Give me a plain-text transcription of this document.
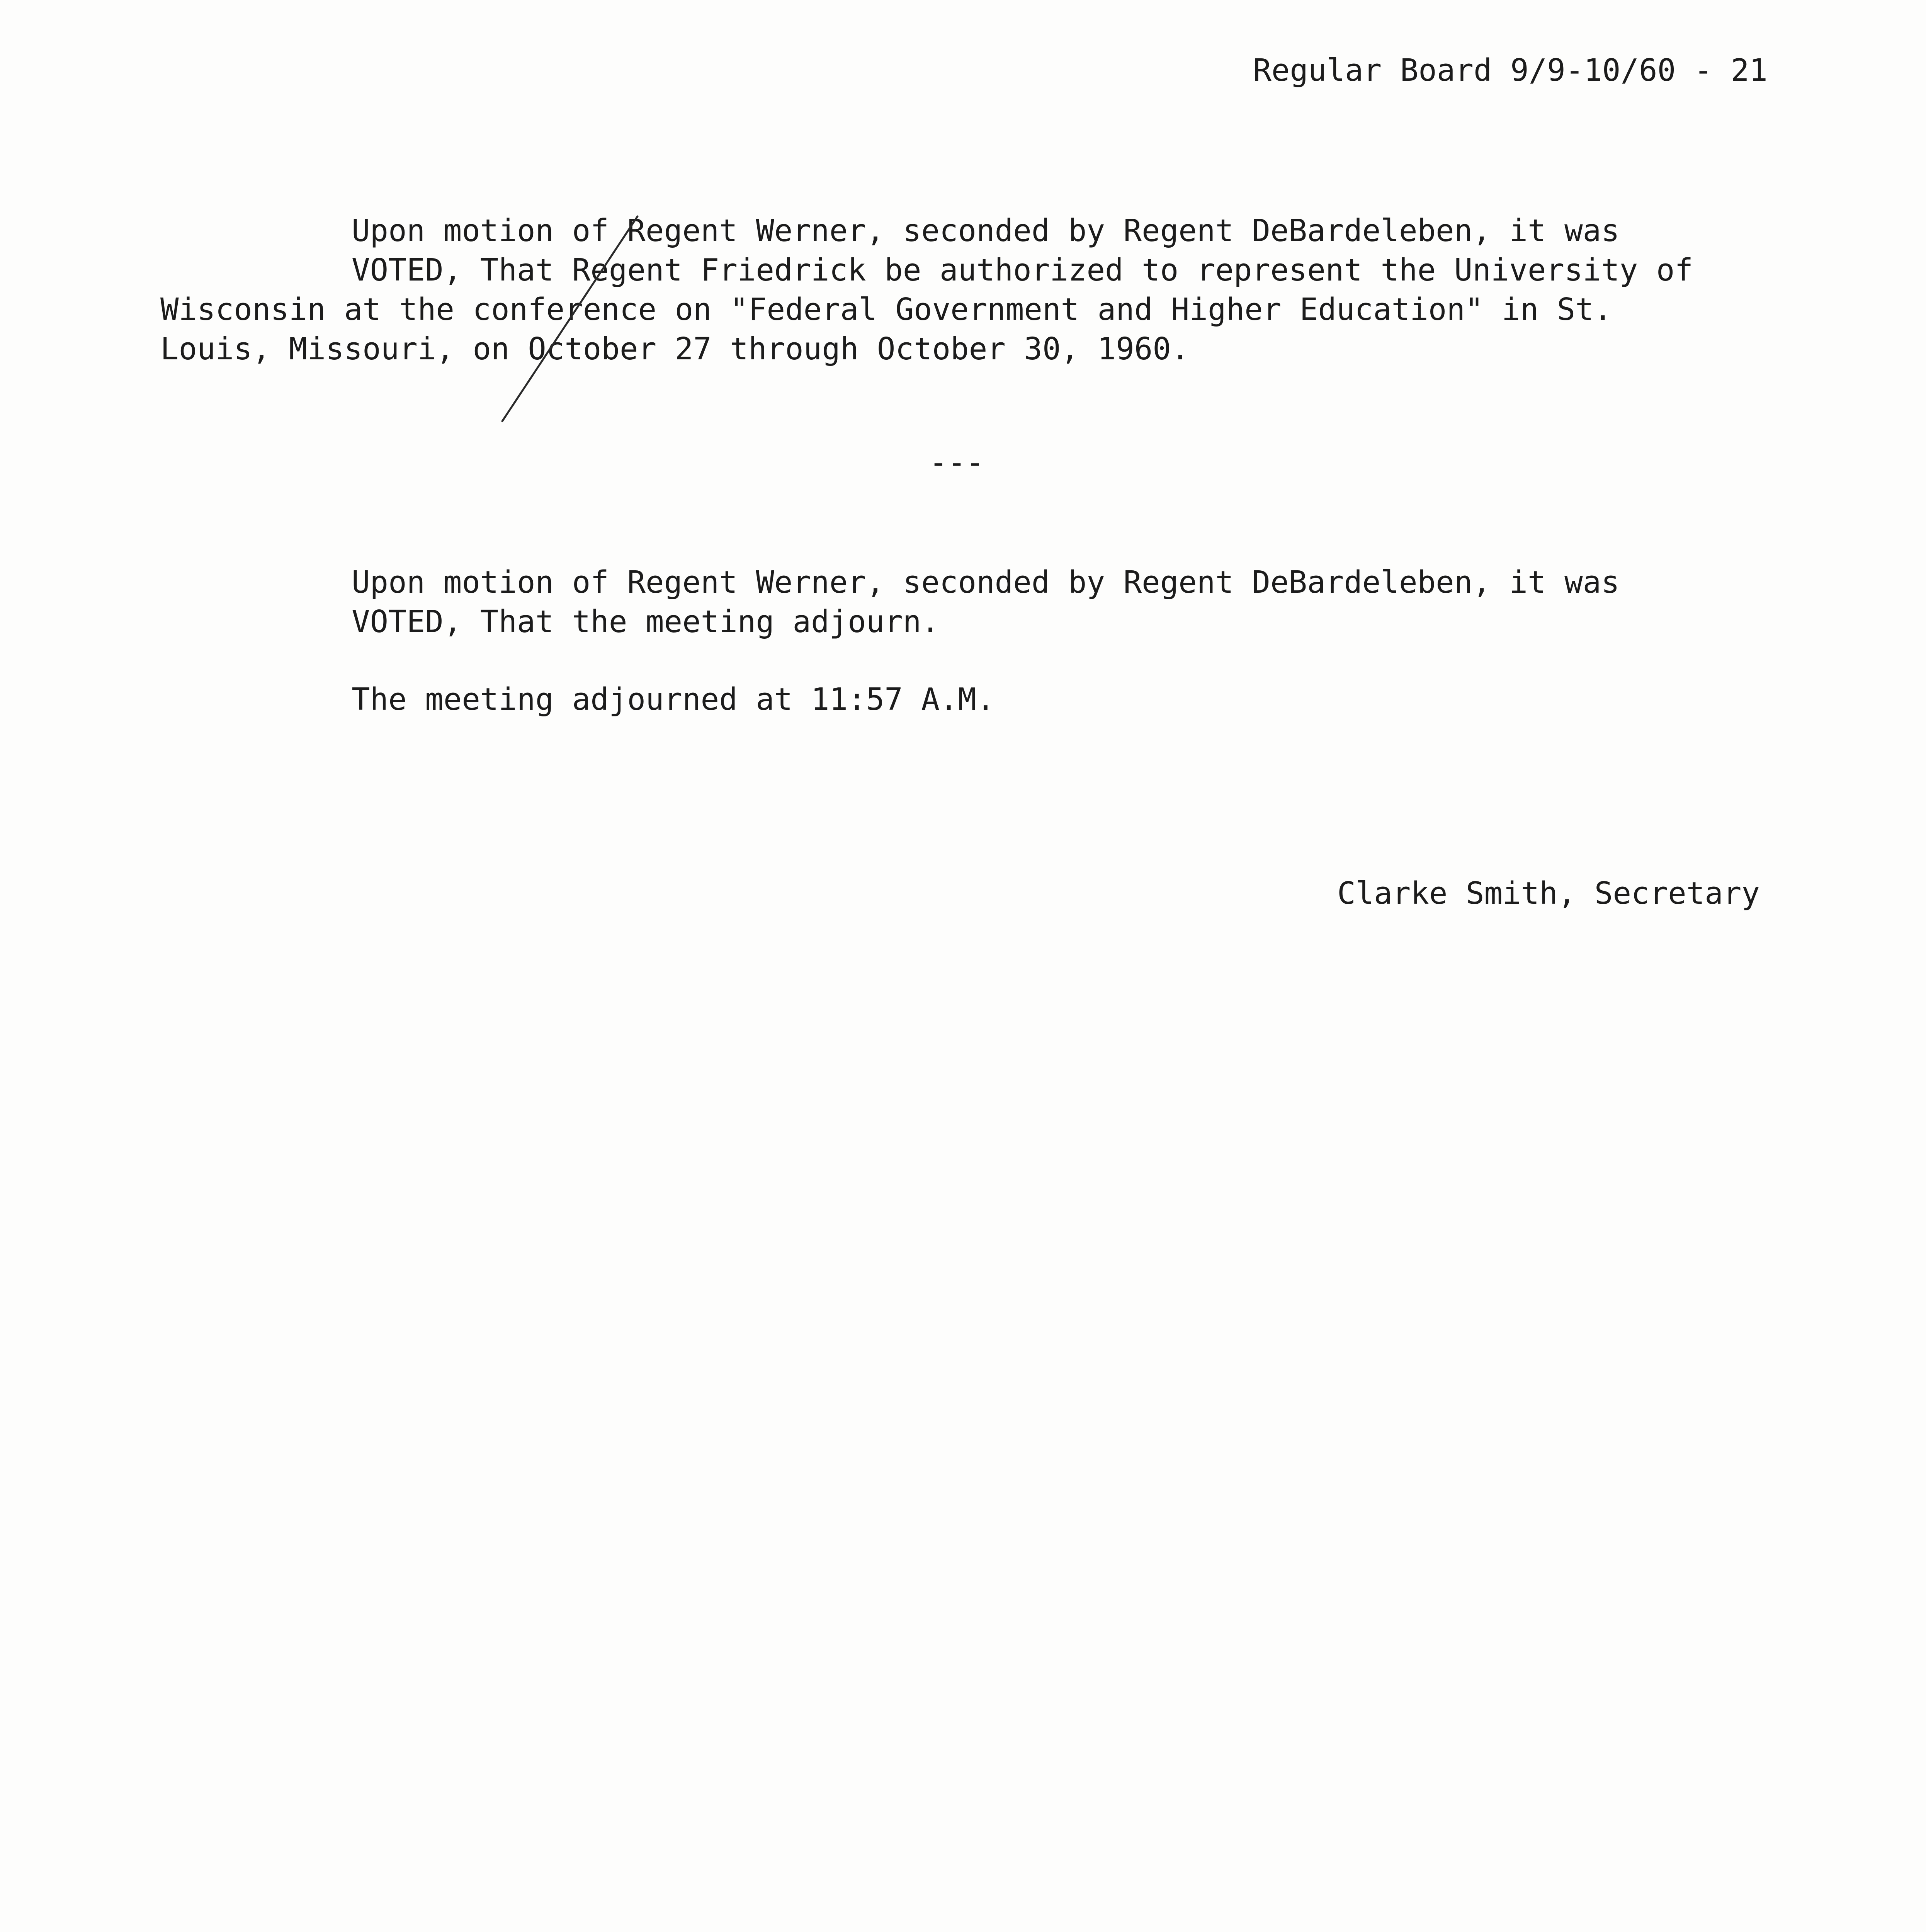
Regular Board 9/9-10/60 - 21

Upon motion of Regent Werner, seconded by Regent DeBardeleben, it was

VOTED, That Regent Friedrick be authorized to represent the University of

Wisconsin at the conference on "Federal Government and Higher Education" in St.

Louis, Missouri, on October 27 through October 30, 1960.

---

Upon motion of Regent Werner, seconded by Regent DeBardeleben, it was

VOTED, That the meeting adjourn.

The meeting adjourned at 11:57 A.M.

Clarke Smith, Secretary
